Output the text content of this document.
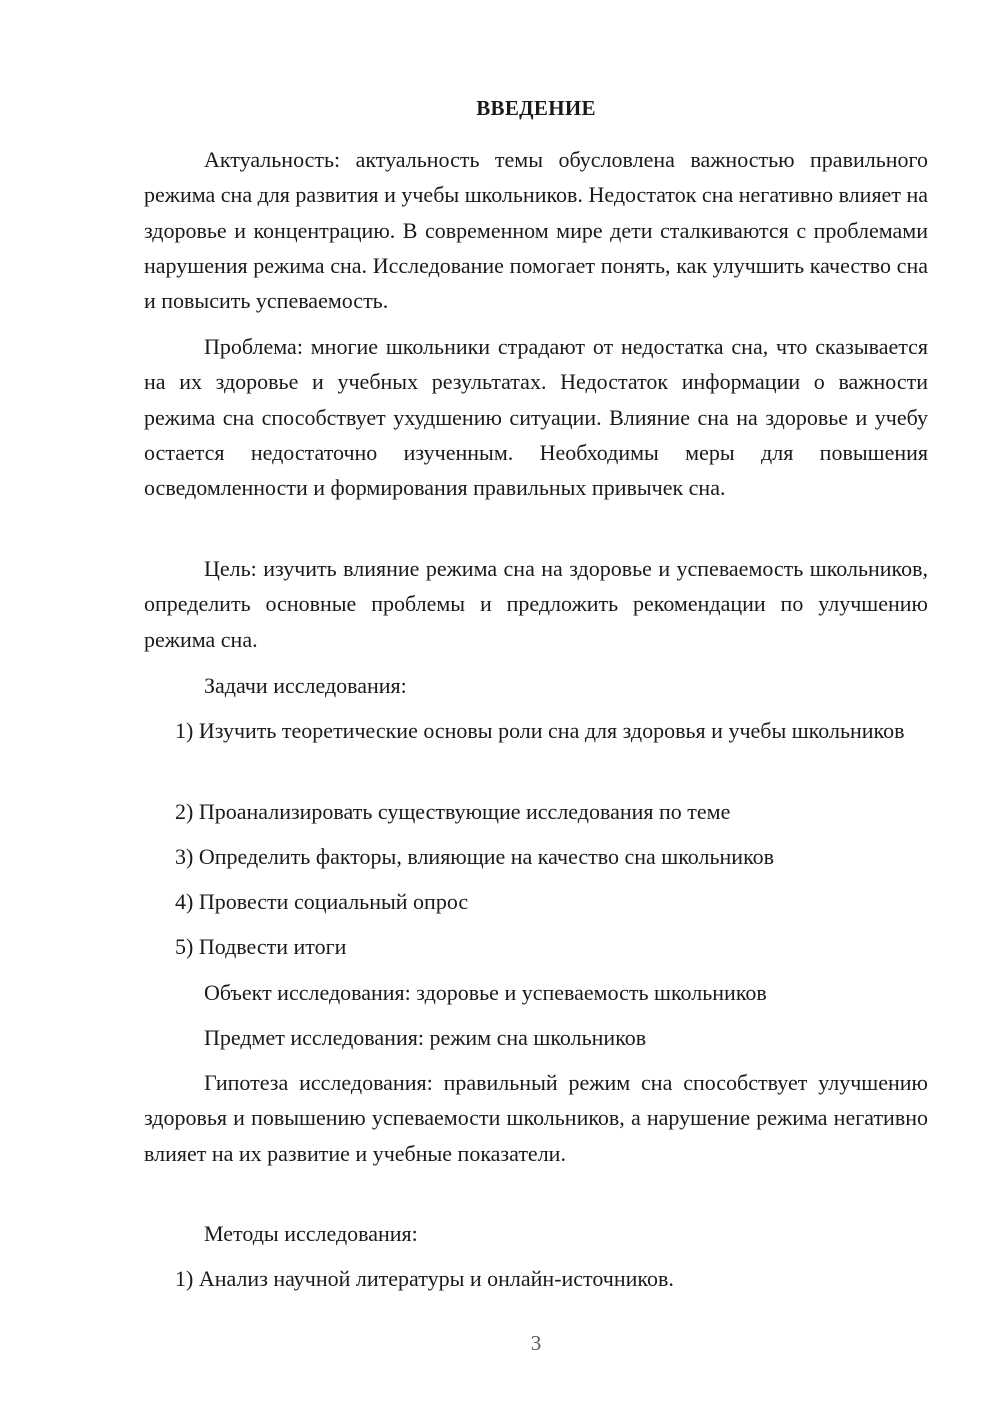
ВВЕДЕНИЕ

Актуальность: актуальность темы обусловлена важностью правильного режима сна для развития и учебы школьников. Недостаток сна негативно влияет на здоровье и концентрацию. В современном мире дети сталкиваются с проблемами нарушения режима сна. Исследование помогает понять, как улучшить качество сна и повысить успеваемость.

Проблема: многие школьники страдают от недостатка сна, что сказывается на их здоровье и учебных результатах. Недостаток информации о важности режима сна способствует ухудшению ситуации. Влияние сна на здоровье и учебу остается недостаточно изученным. Необходимы меры для повышения осведомленности и формирования правильных привычек сна.

Цель: изучить влияние режима сна на здоровье и успеваемость школьников, определить основные проблемы и предложить рекомендации по улучшению режима сна.

Задачи исследования:

1) Изучить теоретические основы роли сна для здоровья и учебы школьников

2) Проанализировать существующие исследования по теме

3) Определить факторы, влияющие на качество сна школьников

4) Провести социальный опрос

5) Подвести итоги

Объект исследования: здоровье и успеваемость школьников

Предмет исследования: режим сна школьников

Гипотеза исследования: правильный режим сна способствует улучшению здоровья и повышению успеваемости школьников, а нарушение режима негативно влияет на их развитие и учебные показатели.

Методы исследования:

1) Анализ научной литературы и онлайн-источников.

3
